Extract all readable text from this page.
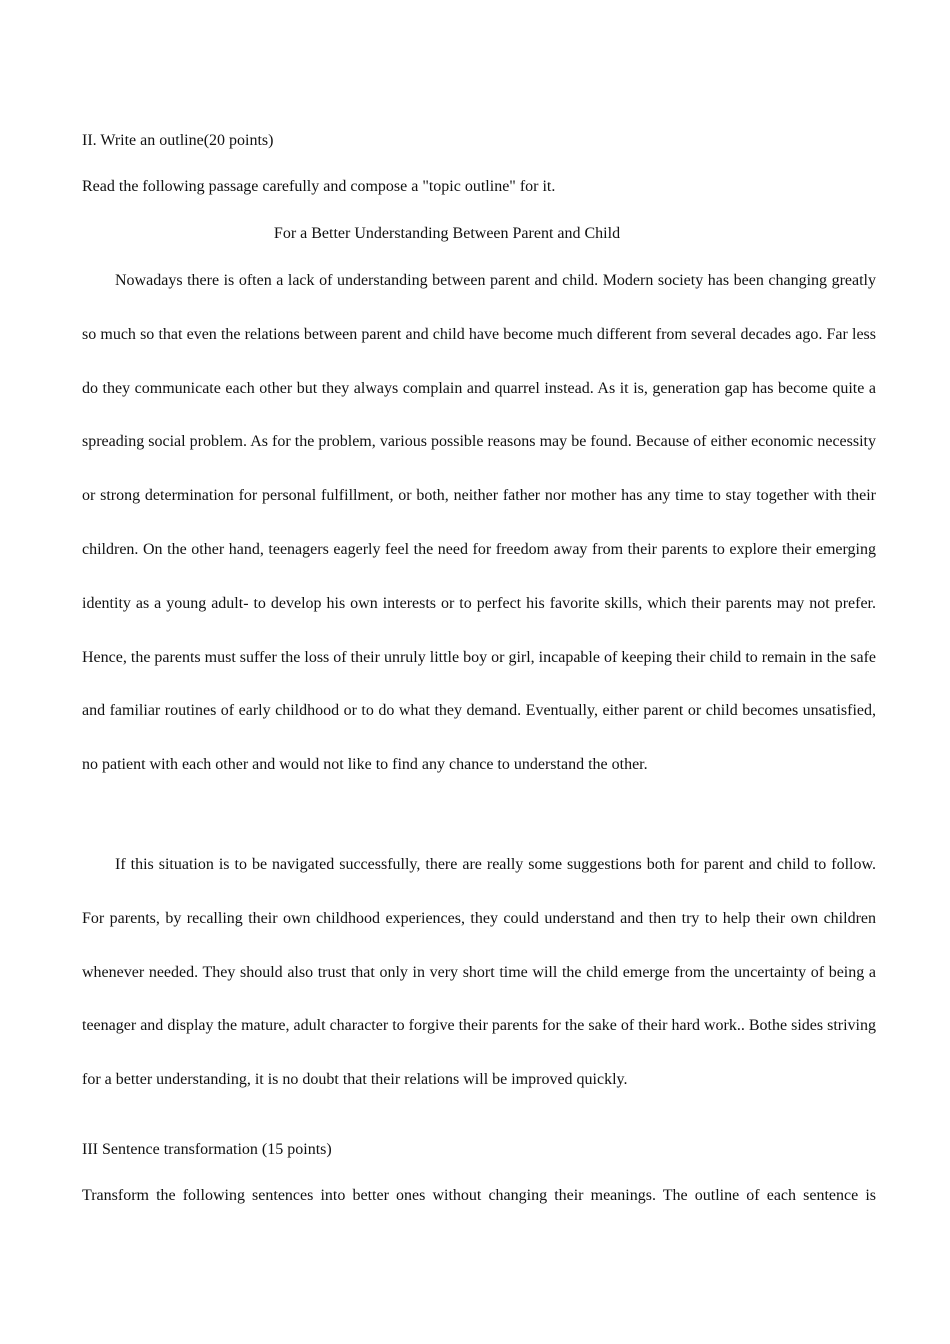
II. Write an outline(20 points)
Read the following passage carefully and compose a "topic outline" for it.
For a Better Understanding Between Parent and Child

Nowadays there is often a lack of understanding between parent and child. Modern society has been changing greatly so much so that even the relations between parent and child have become much different from several decades ago. Far less do they communicate each other but they always complain and quarrel instead. As it is, generation gap has become quite a spreading social problem. As for the problem, various possible reasons may be found. Because of either economic necessity or strong determination for personal fulfillment, or both, neither father nor mother has any time to stay together with their children. On the other hand, teenagers eagerly feel the need for freedom away from their parents to explore their emerging identity as a young adult- to develop his own interests or to perfect his favorite skills, which their parents may not prefer. Hence, the parents must suffer the loss of their unruly little boy or girl, incapable of keeping their child to remain in the safe and familiar routines of early childhood or to do what they demand. Eventually, either parent or child becomes unsatisfied, no patient with each other and would not like to find any chance to understand the other.

If this situation is to be navigated successfully, there are really some suggestions both for parent and child to follow. For parents, by recalling their own childhood experiences, they could understand and then try to help their own children whenever needed. They should also trust that only in very short time will the child emerge from the uncertainty of being a teenager and display the mature, adult character to forgive their parents for the sake of their hard work.. Bothe sides striving for a better understanding, it is no doubt that their relations will be improved quickly.

III Sentence transformation (15 points)
Transform the following sentences into better ones without changing their meanings. The outline of each sentence is
